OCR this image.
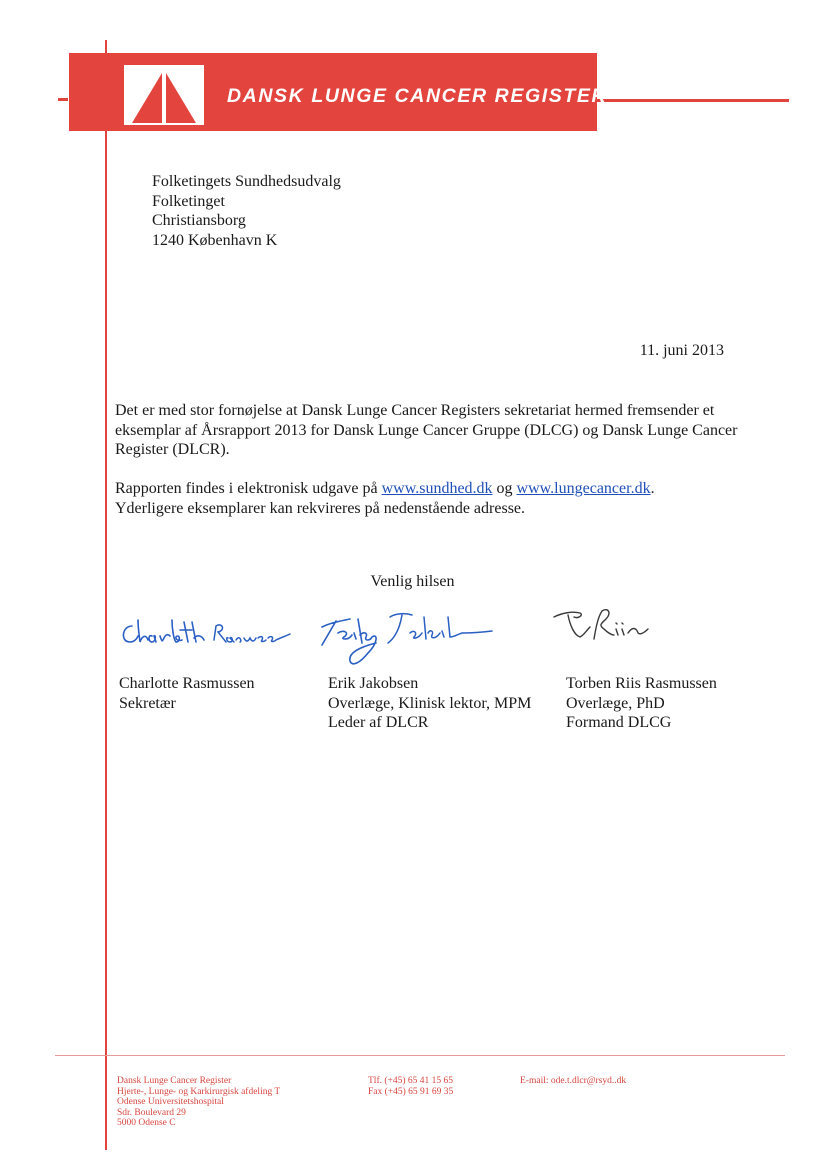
DANSK LUNGE CANCER REGISTER
Folketingets Sundhedsudvalg
Folketinget
Christiansborg
1240 København K
11. juni 2013
Det er med stor fornøjelse at Dansk Lunge Cancer Registers sekretariat hermed fremsender et eksemplar af Årsrapport 2013 for Dansk Lunge Cancer Gruppe (DLCG) og Dansk Lunge Cancer Register (DLCR).
Rapporten findes i elektronisk udgave på www.sundhed.dk og www.lungecancer.dk.
Yderligere eksemplarer kan rekvireres på nedenstående adresse.
Venlig hilsen
Charlotte Rasmussen
Sekretær
Erik Jakobsen
Overlæge, Klinisk lektor, MPM
Leder af DLCR
Torben Riis Rasmussen
Overlæge, PhD
Formand DLCG
Dansk Lunge Cancer Register
Hjerte-, Lunge- og Karkirurgisk afdeling T
Odense Universitetshospital
Sdr. Boulevard 29
5000 Odense C
Tlf. (+45) 65 41 15 65
Fax (+45) 65 91 69 35
E-mail: ode.t.dlcr@rsyd..dk
